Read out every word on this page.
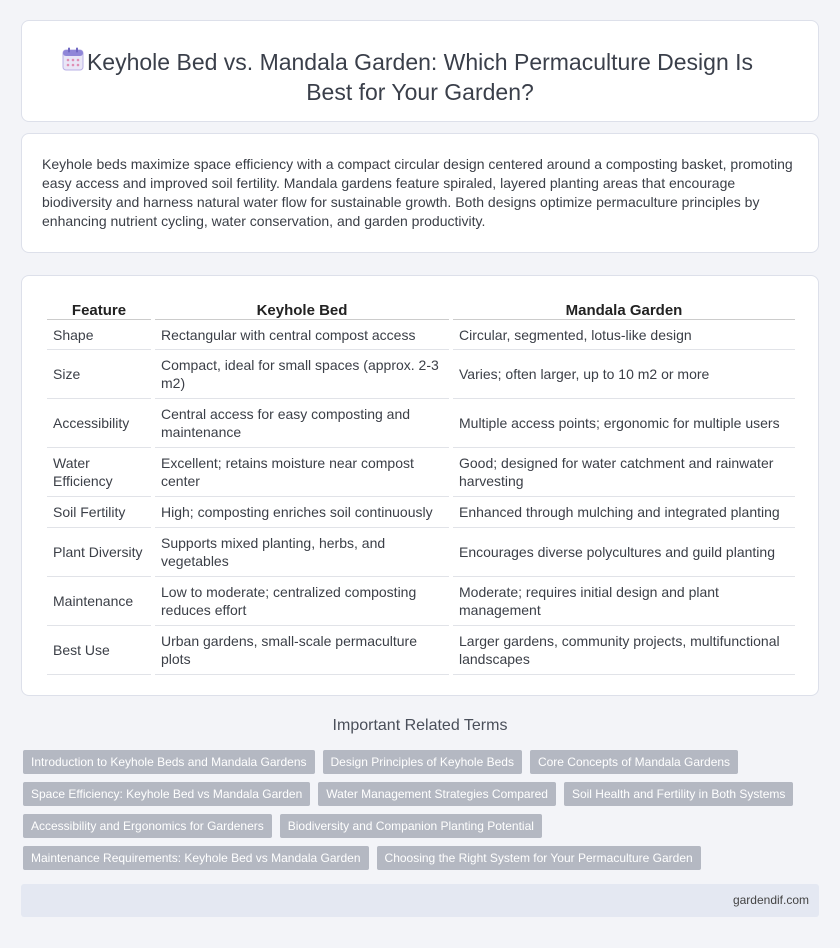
Keyhole Bed vs. Mandala Garden: Which Permaculture Design Is Best for Your Garden?

Keyhole beds maximize space efficiency with a compact circular design centered around a composting basket, promoting easy access and improved soil fertility. Mandala gardens feature spiraled, layered planting areas that encourage biodiversity and harness natural water flow for sustainable growth. Both designs optimize permaculture principles by enhancing nutrient cycling, water conservation, and garden productivity.

Feature	Keyhole Bed	Mandala Garden
Shape	Rectangular with central compost access	Circular, segmented, lotus-like design
Size	Compact, ideal for small spaces (approx. 2-3 m2)	Varies; often larger, up to 10 m2 or more
Accessibility	Central access for easy composting and maintenance	Multiple access points; ergonomic for multiple users
Water Efficiency	Excellent; retains moisture near compost center	Good; designed for water catchment and rainwater harvesting
Soil Fertility	High; composting enriches soil continuously	Enhanced through mulching and integrated planting
Plant Diversity	Supports mixed planting, herbs, and vegetables	Encourages diverse polycultures and guild planting
Maintenance	Low to moderate; centralized composting reduces effort	Moderate; requires initial design and plant management
Best Use	Urban gardens, small-scale permaculture plots	Larger gardens, community projects, multifunctional landscapes
Important Related Terms
Introduction to Keyhole Beds and Mandala Gardens	Design Principles of Keyhole Beds	Core Concepts of Mandala Gardens
Space Efficiency: Keyhole Bed vs Mandala Garden	Water Management Strategies Compared	Soil Health and Fertility in Both Systems
Accessibility and Ergonomics for Gardeners	Biodiversity and Companion Planting Potential
Maintenance Requirements: Keyhole Bed vs Mandala Garden	Choosing the Right System for Your Permaculture Garden
gardendif.com
